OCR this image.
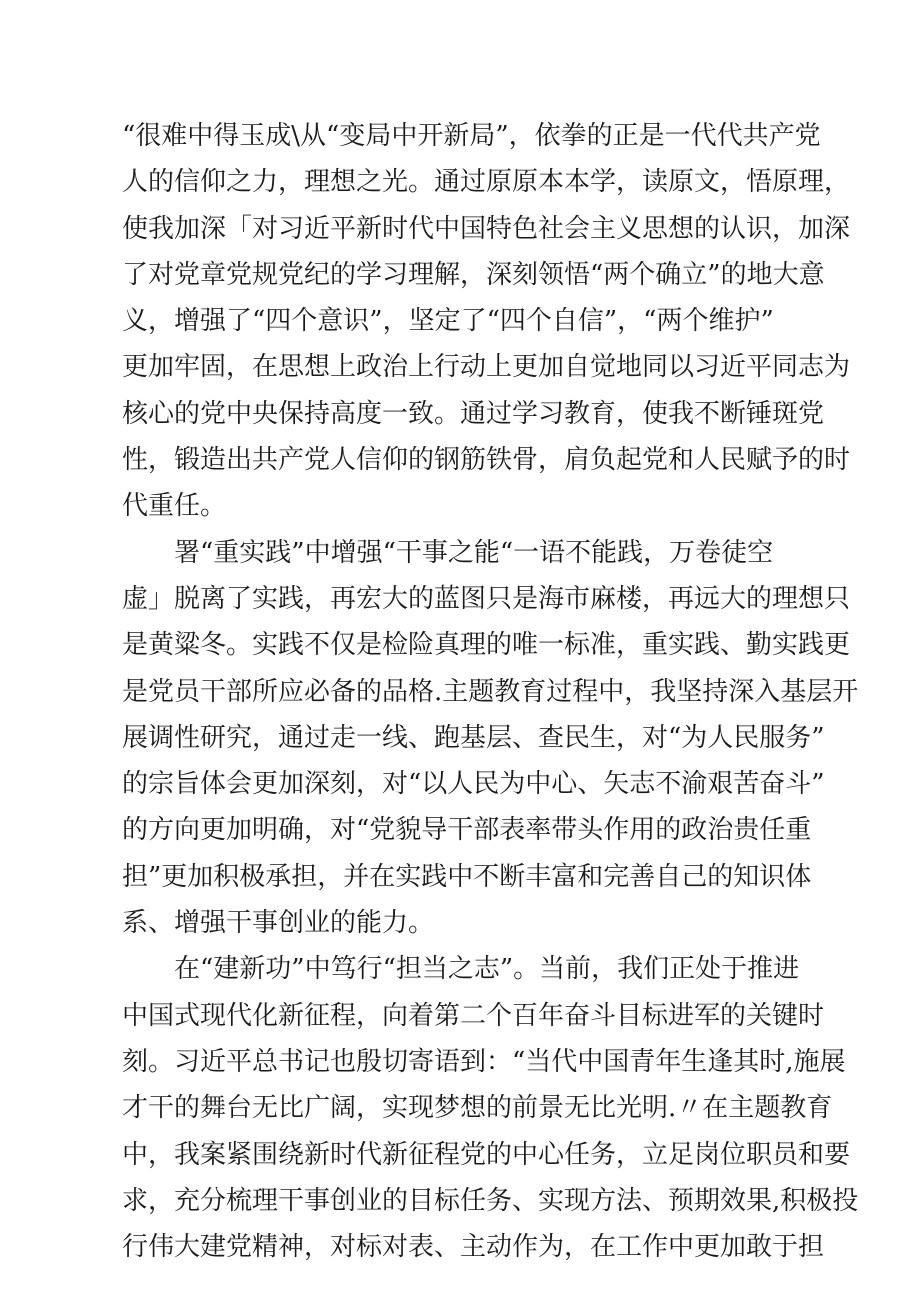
“很难中得玉成\从“变局中开新局”，依拳的正是一代代共产党
人的信仰之力，理想之光。通过原原本本学，读原文，悟原理，
使我加深「对习近平新时代中国特色社会主义思想的认识，加深
了对党章党规党纪的学习理解，深刻领悟“两个确立”的地大意
义，增强了“四个意识”，坚定了“四个自信”，“两个维护”
更加牢固，在思想上政治上行动上更加自觉地同以习近平同志为
核心的党中央保持高度一致。通过学习教育，使我不断锤斑党
性，锻造出共产党人信仰的钢筋铁骨，肩负起党和人民赋予的时
代重任。
署“重实践”中增强“干事之能“一语不能践，万卷徒空
虚」脱离了实践，再宏大的蓝图只是海市麻楼，再远大的理想只
是黄粱冬。实践不仅是检险真理的唯一标准，重实践、勤实践更
是党员干部所应必备的品格.主题教育过程中，我坚持深入基层开
展调性研究，通过走一线、跑基层、查民生，对“为人民服务”
的宗旨体会更加深刻，对“以人民为中心、矢志不渝艰苦奋斗”
的方向更加明确，对“党貌导干部表率带头作用的政治贵任重
担”更加积极承担，并在实践中不断丰富和完善自己的知识体
系、增强干事创业的能力。
在“建新功”中笃行“担当之志”。当前，我们正处于推进
中国式现代化新征程，向着第二个百年奋斗目标进军的关键时
刻。习近平总书记也殷切寄语到：“当代中国青年生逢其时,施展
才干的舞台无比广阔，实现梦想的前景无比光明.〃在主题教育
中，我案紧围绕新时代新征程党的中心任务，立足岗位职员和要
求，充分梳理干事创业的目标任务、实现方法、预期效果,积极投
行伟大建党精神，对标对表、主动作为，在工作中更加敢于担
